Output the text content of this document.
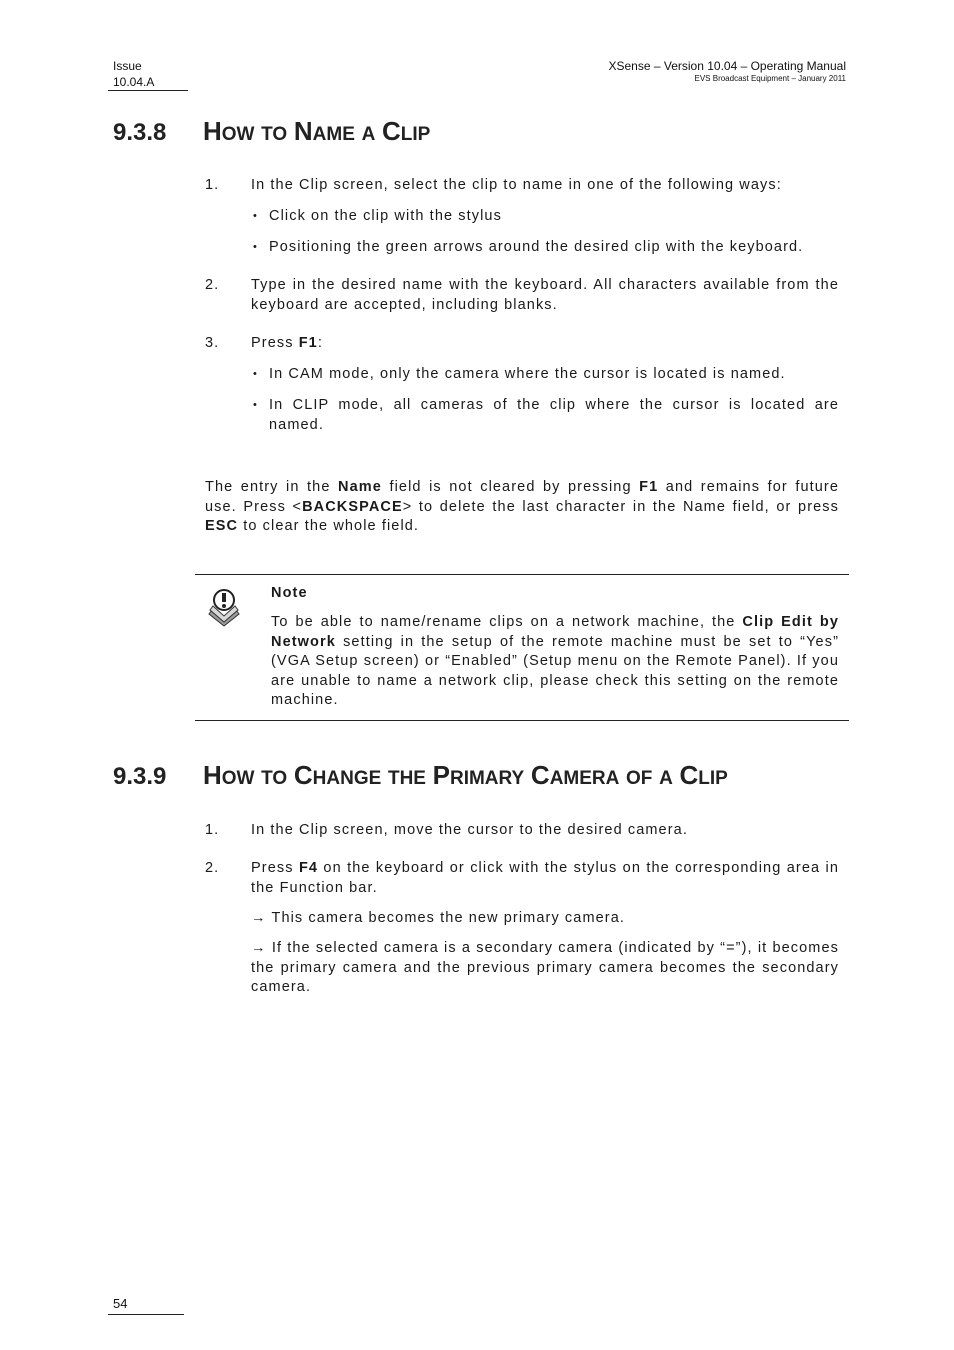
Issue
10.04.A
XSense – Version 10.04 – Operating Manual
EVS Broadcast Equipment – January 2011
9.3.8 HOW TO NAME A CLIP
1. In the Clip screen, select the clip to name in one of the following ways:
• Click on the clip with the stylus
• Positioning the green arrows around the desired clip with the keyboard.
2. Type in the desired name with the keyboard. All characters available from the keyboard are accepted, including blanks.
3. Press F1:
• In CAM mode, only the camera where the cursor is located is named.
• In CLIP mode, all cameras of the clip where the cursor is located are named.
The entry in the Name field is not cleared by pressing F1 and remains for future use. Press <BACKSPACE> to delete the last character in the Name field, or press ESC to clear the whole field.
Note
To be able to name/rename clips on a network machine, the Clip Edit by Network setting in the setup of the remote machine must be set to “Yes” (VGA Setup screen) or “Enabled” (Setup menu on the Remote Panel). If you are unable to name a network clip, please check this setting on the remote machine.
9.3.9 HOW TO CHANGE THE PRIMARY CAMERA OF A CLIP
1. In the Clip screen, move the cursor to the desired camera.
2. Press F4 on the keyboard or click with the stylus on the corresponding area in the Function bar.
→ This camera becomes the new primary camera.
→ If the selected camera is a secondary camera (indicated by “=”), it becomes the primary camera and the previous primary camera becomes the secondary camera.
54
